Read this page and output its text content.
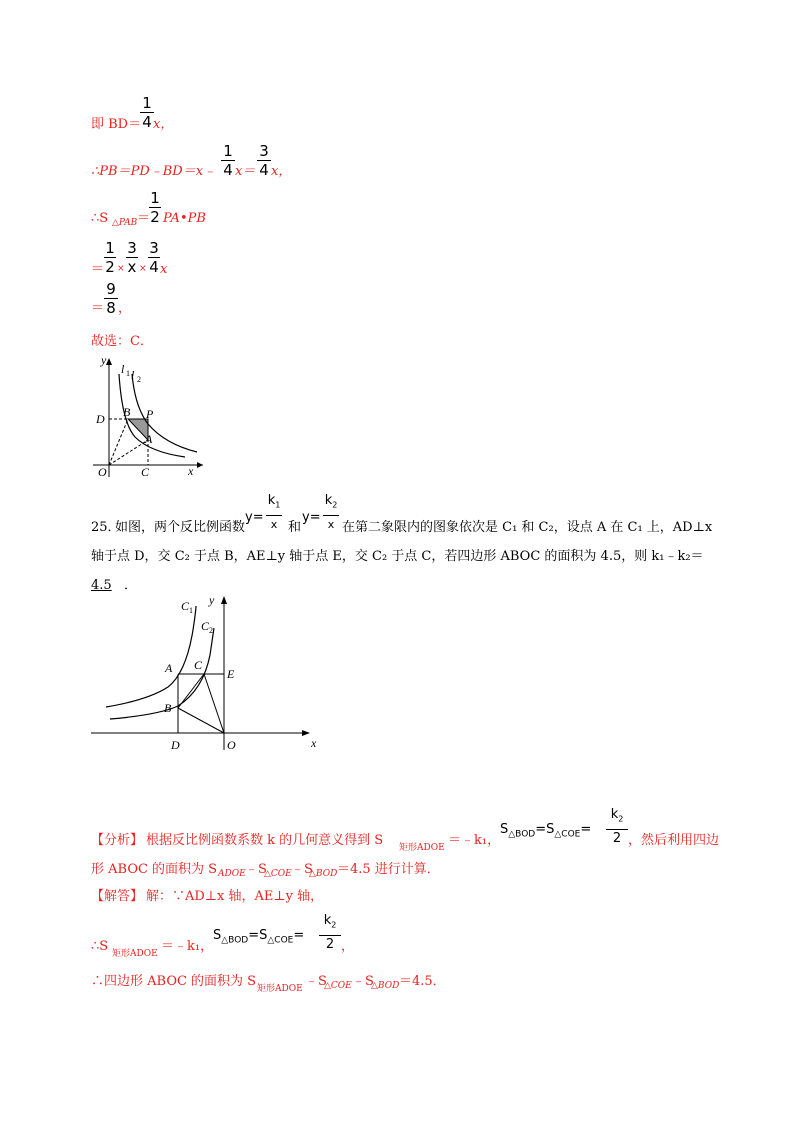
即 BD＝
1
4 x，
∴PB＝PD﹣BD＝x﹣
1
4 x＝
3
4 x，
∴S △PAB ＝
1
2 PA•PB
＝
1
2 ×
3
x ×
3
4 x
＝
9
8 ，
故选：C．
y
l 1 l 2
D B P
A
O	C	x
25．
如图，两个反比例函数
y=
$k_1$
x 和
y=
$k_2$
x 在第二象限内的图象依次是 C₁ 和 C₂，设点 A 在 C₁ 上，AD⊥x
轴于点 D，交 C₂ 于点 B，AE⊥y 轴于点 E，交 C₂ 于点 C，若四边形 ABOC 的面积为 4.5，则 k₁﹣k₂＝
4.5 ．
C 1
C 2
y
A C
E
B
D	O	x
【分析】 根据反比例函数系数 k 的几何意义得到 S 矩形ADOE ＝﹣k₁，
$S_{\triangle BOD}=S_{\triangle COE}=$
$k_2$
2 ，然后利用四边
形 ABOC 的面积为 S ADOE ﹣S
△COE ﹣S
△BOD ＝4.5 进行计算．
【解答】 解：∵AD⊥x 轴，AE⊥y 轴，
∴S 矩形ADOE ＝﹣k₁，
$S_{\triangle BOD}=S_{\triangle COE}=$
$k_2$
2 ，
∴四边形 ABOC 的面积为 S 矩形ADOE ﹣S
△COE ﹣S
△BOD ＝4.5．
